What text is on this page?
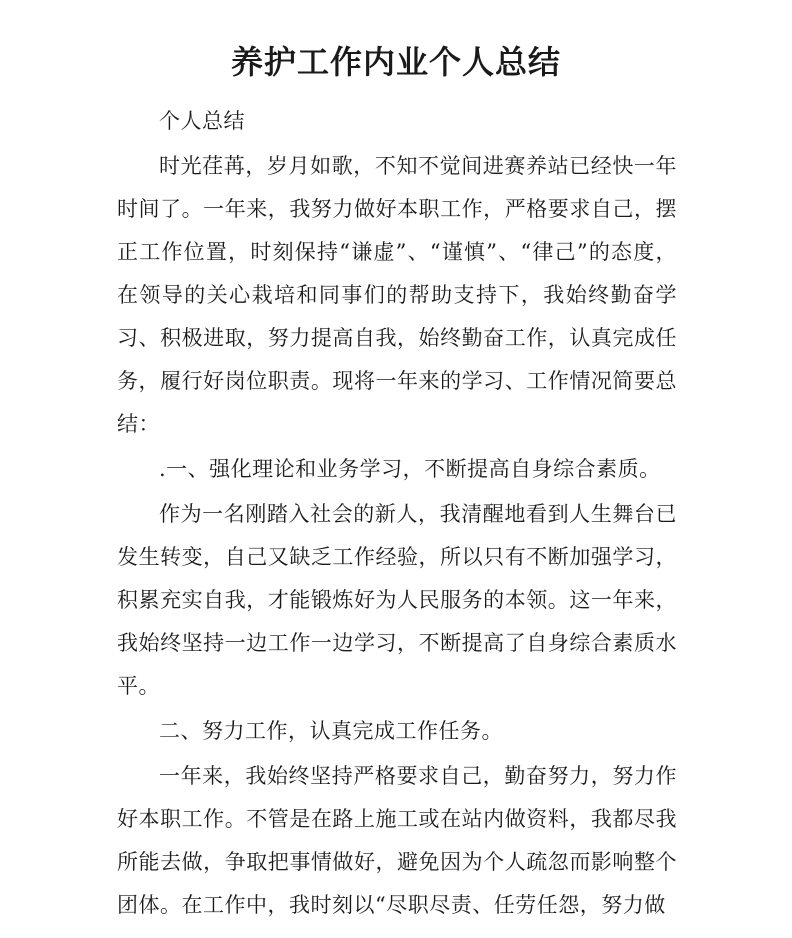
养护工作内业个人总结

个人总结

时光荏苒，岁月如歌，不知不觉间进赛养站已经快一年时间了。一年来，我努力做好本职工作，严格要求自己，摆正工作位置，时刻保持“谦虚”、“谨慎”、“律己”的态度，在领导的关心栽培和同事们的帮助支持下，我始终勤奋学习、积极进取，努力提高自我，始终勤奋工作，认真完成任务，履行好岗位职责。现将一年来的学习、工作情况简要总结：

.一、强化理论和业务学习，不断提高自身综合素质。

作为一名刚踏入社会的新人，我清醒地看到人生舞台已发生转变，自己又缺乏工作经验，所以只有不断加强学习，积累充实自我，才能锻炼好为人民服务的本领。这一年来，我始终坚持一边工作一边学习，不断提高了自身综合素质水平。

二、努力工作，认真完成工作任务。

一年来，我始终坚持严格要求自己，勤奋努力，努力作好本职工作。不管是在路上施工或在站内做资料，我都尽我所能去做，争取把事情做好，避免因为个人疏忽而影响整个团体。在工作中，我时刻以“尽职尽责、任劳任怨，努力做
